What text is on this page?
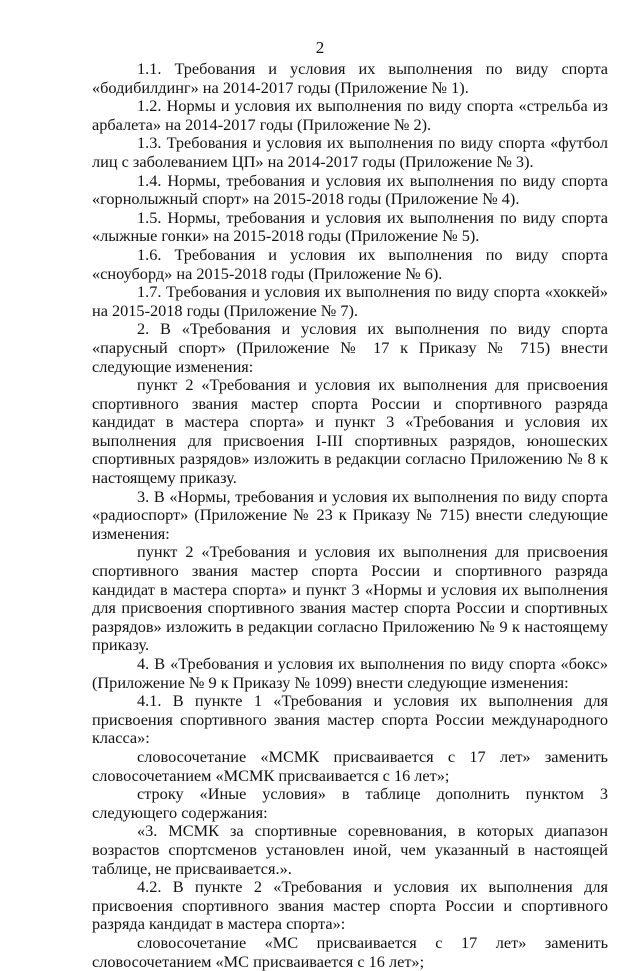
2

1.1. Требования и условия их выполнения по виду спорта «бодибилдинг» на 2014-2017 годы (Приложение № 1).

1.2. Нормы и условия их выполнения по виду спорта «стрельба из арбалета» на 2014-2017 годы (Приложение № 2).

1.3. Требования и условия их выполнения по виду спорта «футбол лиц с заболеванием ЦП» на 2014-2017 годы (Приложение № 3).

1.4. Нормы, требования и условия их выполнения по виду спорта «горнолыжный спорт» на 2015-2018 годы (Приложение № 4).

1.5. Нормы, требования и условия их выполнения по виду спорта «лыжные гонки» на 2015-2018 годы (Приложение № 5).

1.6. Требования и условия их выполнения по виду спорта «сноуборд» на 2015-2018 годы (Приложение № 6).

1.7. Требования и условия их выполнения по виду спорта «хоккей» на 2015-2018 годы (Приложение № 7).

2. В «Требования и условия их выполнения по виду спорта «парусный спорт» (Приложение № 17 к Приказу № 715) внести следующие изменения:

пункт 2 «Требования и условия их выполнения для присвоения спортивного звания мастер спорта России и спортивного разряда кандидат в мастера спорта» и пункт 3 «Требования и условия их выполнения для присвоения I-III спортивных разрядов, юношеских спортивных разрядов» изложить в редакции согласно Приложению № 8 к настоящему приказу.

3. В «Нормы, требования и условия их выполнения по виду спорта «радиоспорт» (Приложение № 23 к Приказу № 715) внести следующие изменения:

пункт 2 «Требования и условия их выполнения для присвоения спортивного звания мастер спорта России и спортивного разряда кандидат в мастера спорта» и пункт 3 «Нормы и условия их выполнения для присвоения спортивного звания мастер спорта России и спортивных разрядов» изложить в редакции согласно Приложению № 9 к настоящему приказу.

4. В «Требования и условия их выполнения по виду спорта «бокс» (Приложение № 9 к Приказу № 1099) внести следующие изменения:

4.1. В пункте 1 «Требования и условия их выполнения для присвоения спортивного звания мастер спорта России международного класса»:

словосочетание «МСМК присваивается с 17 лет» заменить словосочетанием «МСМК присваивается с 16 лет»;

строку «Иные условия» в таблице дополнить пунктом 3 следующего содержания:

«3. МСМК за спортивные соревнования, в которых диапазон возрастов спортсменов установлен иной, чем указанный в настоящей таблице, не присваивается.».

4.2. В пункте 2 «Требования и условия их выполнения для присвоения спортивного звания мастер спорта России и спортивного разряда кандидат в мастера спорта»:

словосочетание «МС присваивается с 17 лет» заменить словосочетанием «МС присваивается с 16 лет»;
